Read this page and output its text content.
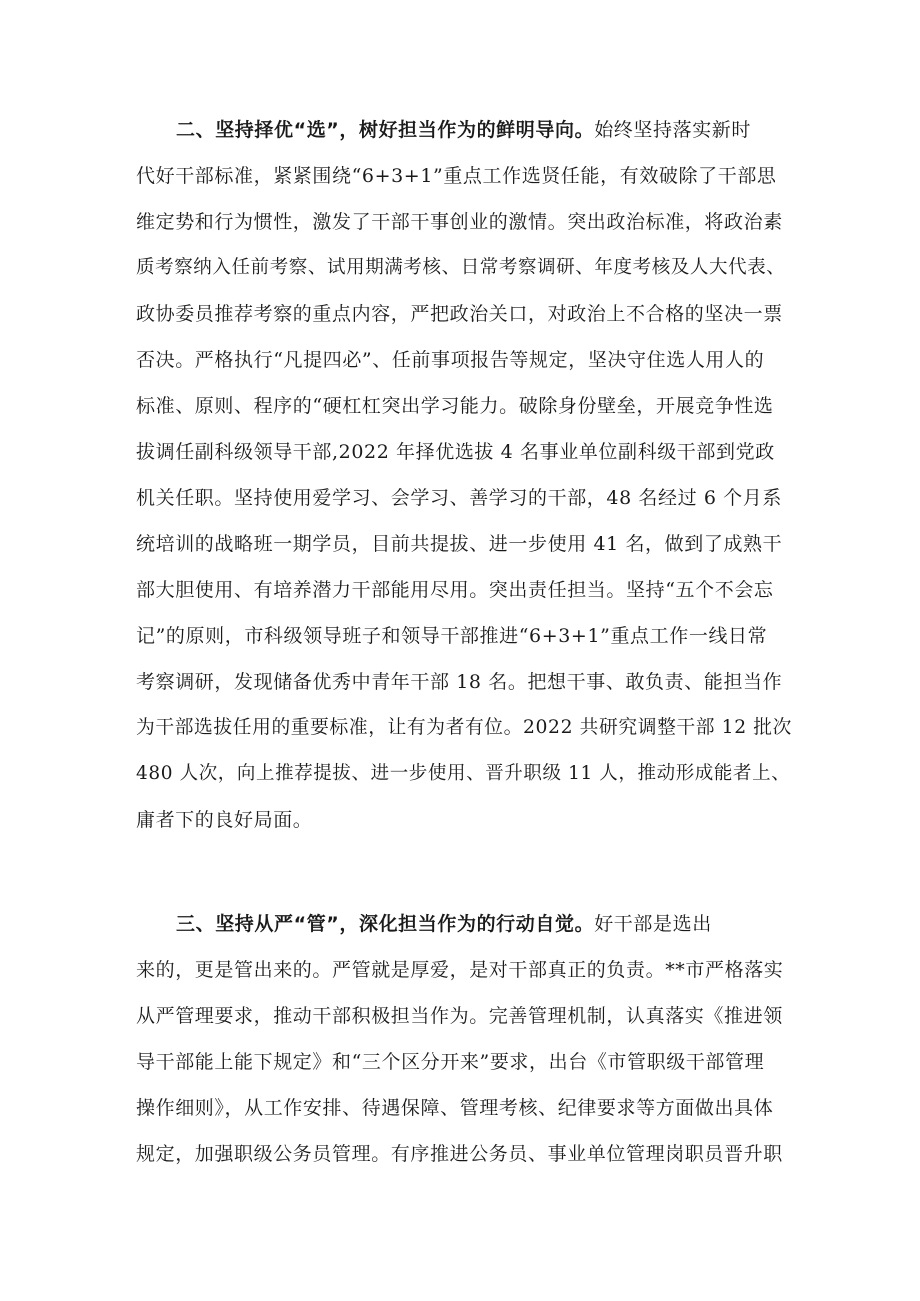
二、坚持择优“选”，树好担当作为的鲜明导向。始终坚持落实新时
代好干部标准，紧紧围绕“6+3+1”重点工作选贤任能，有效破除了干部思
维定势和行为惯性，激发了干部干事创业的激情。突出政治标准，将政治素
质考察纳入任前考察、试用期满考核、日常考察调研、年度考核及人大代表、
政协委员推荐考察的重点内容，严把政治关口，对政治上不合格的坚决一票
否决。严格执行“凡提四必”、任前事项报告等规定，坚决守住选人用人的
标准、原则、程序的“硬杠杠突出学习能力。破除身份壁垒，开展竞争性选
拔调任副科级领导干部,2022 年择优选拔 4 名事业单位副科级干部到党政
机关任职。坚持使用爱学习、会学习、善学习的干部，48 名经过 6 个月系
统培训的战略班一期学员，目前共提拔、进一步使用 41 名，做到了成熟干
部大胆使用、有培养潜力干部能用尽用。突出责任担当。坚持“五个不会忘
记”的原则，市科级领导班子和领导干部推进“6+3+1”重点工作一线日常
考察调研，发现储备优秀中青年干部 18 名。把想干事、敢负责、能担当作
为干部选拔任用的重要标准，让有为者有位。2022 共研究调整干部 12 批次
480 人次，向上推荐提拔、进一步使用、晋升职级 11 人，推动形成能者上、
庸者下的良好局面。
三、坚持从严“管”，深化担当作为的行动自觉。好干部是选出
来的，更是管出来的。严管就是厚爱，是对干部真正的负责。**市严格落实
从严管理要求，推动干部积极担当作为。完善管理机制，认真落实《推进领
导干部能上能下规定》和“三个区分开来”要求，出台《市管职级干部管理
操作细则》，从工作安排、待遇保障、管理考核、纪律要求等方面做出具体
规定，加强职级公务员管理。有序推进公务员、事业单位管理岗职员晋升职
